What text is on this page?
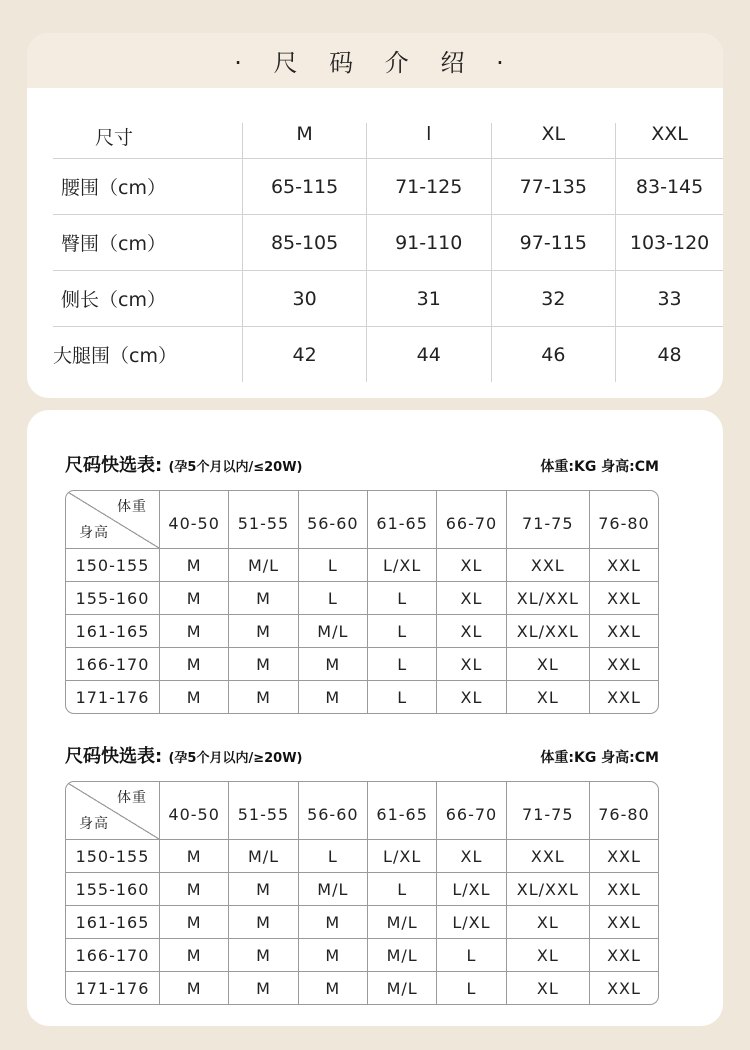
· 尺 码 介 绍 ·
尺寸	M	l	XL	XXL
腰围（cm）	65-115	71-125	77-135	83-145
臀围（cm）	85-105	91-110	97-115	103-120
侧长（cm）	30	31	32	33
大腿围（cm）	42	44	46	48
尺码快选表: (孕5个月以内/≤20W)	体重:KG 身高:CM
体重
身高	40-50	51-55	56-60	61-65	66-70	71-75	76-80
150-155	M	M/L	L	L/XL	XL	XXL	XXL
155-160	M	M	L	L	XL	XL/XXL	XXL
161-165	M	M	M/L	L	XL	XL/XXL	XXL
166-170	M	M	M	L	XL	XL	XXL
171-176	M	M	M	L	XL	XL	XXL
尺码快选表: (孕5个月以内/≥20W)	体重:KG 身高:CM
体重
身高	40-50	51-55	56-60	61-65	66-70	71-75	76-80
150-155	M	M/L	L	L/XL	XL	XXL	XXL
155-160	M	M	M/L	L	L/XL	XL/XXL	XXL
161-165	M	M	M	M/L	L/XL	XL	XXL
166-170	M	M	M	M/L	L	XL	XXL
171-176	M	M	M	M/L	L	XL	XXL
